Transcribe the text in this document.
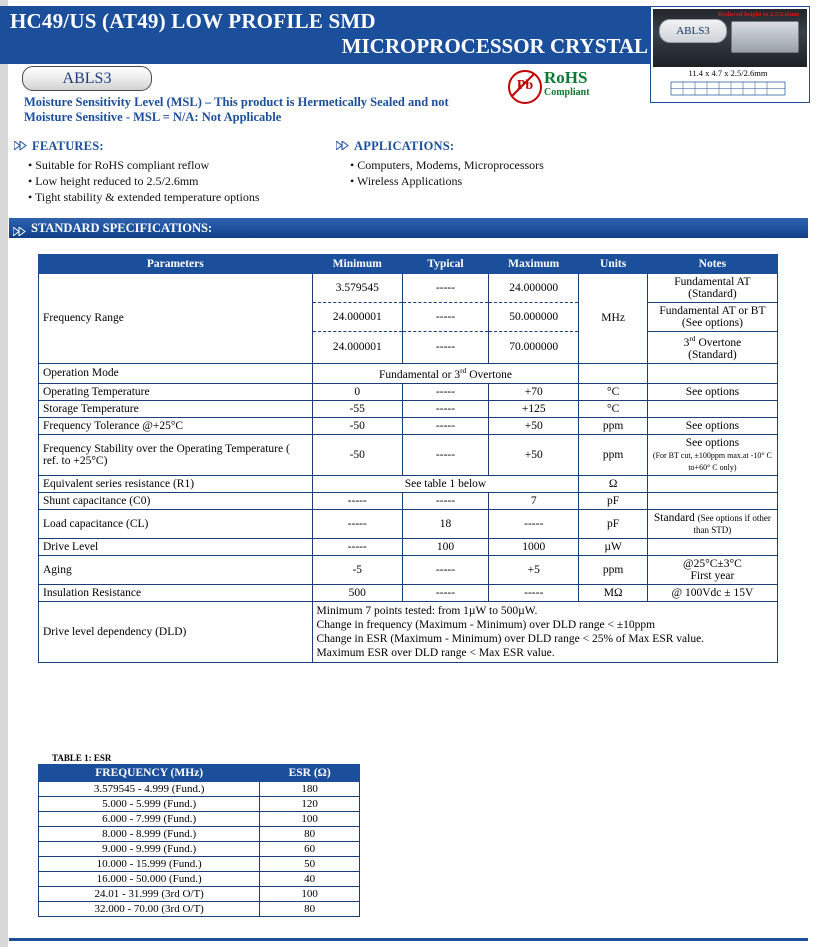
HC49/US (AT49) LOW PROFILE SMD
MICROPROCESSOR CRYSTAL
ABLS3
Moisture Sensitivity Level (MSL) – This product is Hermetically Sealed and not Moisture Sensitive - MSL = N/A: Not Applicable
ABLS3
Reduced height to 2.5/2.6mm
11.4 x 4.7 x 2.5/2.6mm
Pb RoHS
Compliant
FEATURES:
• Suitable for RoHS compliant reflow
• Low height reduced to 2.5/2.6mm
• Tight stability & extended temperature options
APPLICATIONS:
• Computers, Modems, Microprocessors
• Wireless Applications
STANDARD SPECIFICATIONS:
Parameters	Minimum	Typical	Maximum	Units	Notes
Frequency Range	3.579545	-----	24.000000	MHz	Fundamental AT
(Standard)
	24.000001	-----	50.000000		Fundamental AT or BT
(See options)
	24.000001	-----	70.000000		3rd Overtone
(Standard)
Operation Mode	Fundamental or 3rd Overtone				
Operating Temperature	0	-----	+70	°C	See options
Storage Temperature	-55	-----	+125	°C	
Frequency Tolerance @+25°C	-50	-----	+50	ppm	See options
Frequency Stability over the Operating Temperature ( ref. to +25°C)	-50	-----	+50	ppm	See options
(For BT cut, ±100ppm max.at -10° C to+60° C only)
Equivalent series resistance (R1)	See table 1 below			Ω	
Shunt capacitance (C0)	-----	-----	7	pF	
Load capacitance (CL)	-----	18	-----	pF	Standard (See options if other than STD)
Drive Level	-----	100	1000	µW	
Aging	-5	-----	+5	ppm	@25°C±3°C
First year
Insulation Resistance	500	-----	-----	MΩ	@ 100Vdc ± 15V
Drive level dependency (DLD)	Minimum 7 points tested: from 1µW to 500µW.
Change in frequency (Maximum - Minimum) over DLD range < ±10ppm
Change in ESR (Maximum - Minimum) over DLD range < 25% of Max ESR value.
Maximum ESR over DLD range < Max ESR value.				
TABLE 1: ESR
FREQUENCY (MHz)	ESR (Ω)
3.579545 - 4.999 (Fund.)	180
5.000 - 5.999 (Fund.)	120
6.000 - 7.999 (Fund.)	100
8.000 - 8.999 (Fund.)	80
9.000 - 9.999 (Fund.)	60
10.000 - 15.999 (Fund.)	50
16.000 - 50.000 (Fund.)	40
24.01 - 31.999 (3rd O/T)	100
32.000 - 70.00 (3rd O/T)	80
